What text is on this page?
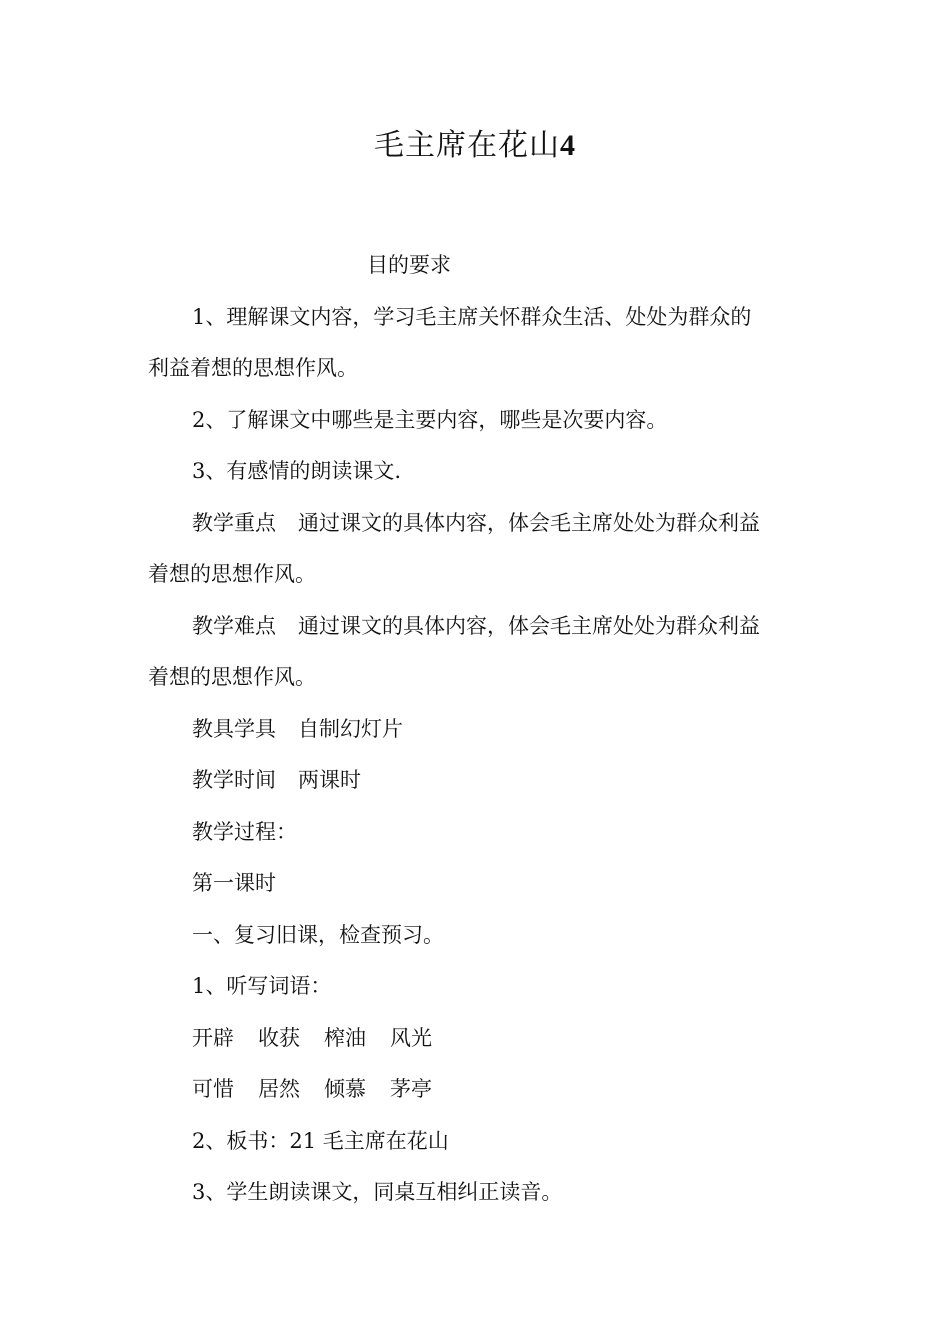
毛主席在花山4
目的要求
1、理解课文内容，学习毛主席关怀群众生活、处处为群众的
利益着想的思想作风。
2、了解课文中哪些是主要内容，哪些是次要内容。
3、有感情的朗读课文.
教学重点 通过课文的具体内容，体会毛主席处处为群众利益
着想的思想作风。
教学难点 通过课文的具体内容，体会毛主席处处为群众利益
着想的思想作风。
教具学具 自制幻灯片
教学时间 两课时
教学过程：
第一课时
一、复习旧课，检查预习。
1、听写词语：
开辟 收获 榨油 风光
可惜 居然 倾慕 茅亭
2、板书：21 毛主席在花山
3、学生朗读课文，同桌互相纠正读音。
